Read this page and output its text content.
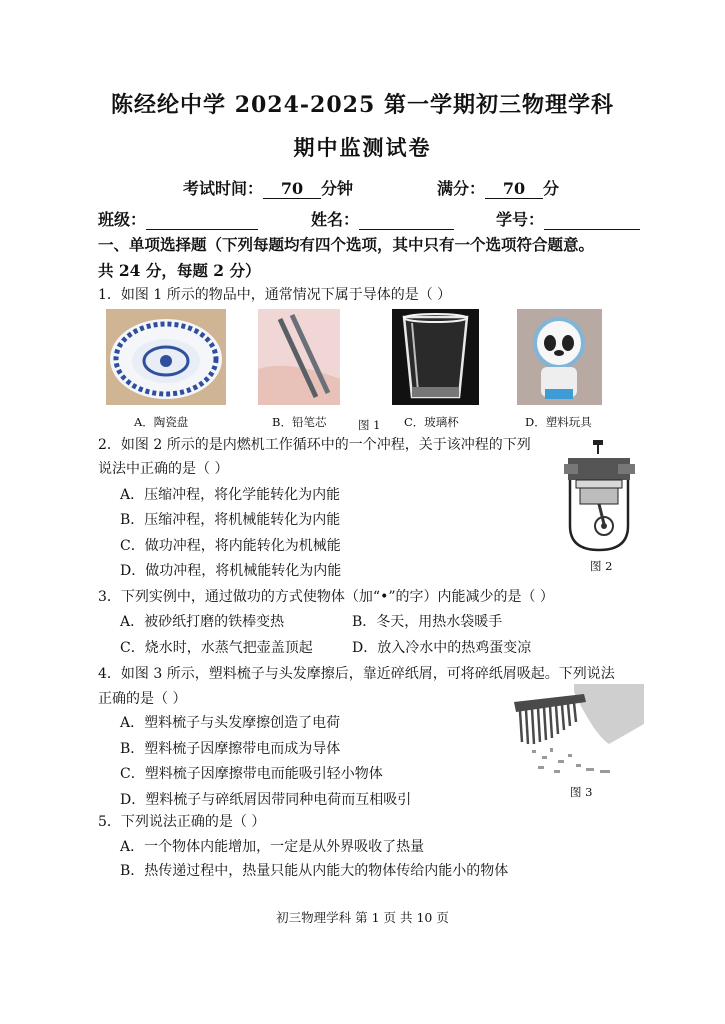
陈经纶中学 2024-2025 第一学期初三物理学科
期中监测试卷
考试时间： 70 分钟	满分： 70 分
班级：	姓名：	学号：
一、单项选择题（下列每题均有四个选项，其中只有一个选项符合题意。
共 24 分，每题 2 分）
1．如图 1 所示的物品中，通常情况下属于导体的是（ ）
A．陶瓷盘	B．铅笔芯	图 1 C．玻璃杯	D．塑料玩具
2．如图 2 所示的是内燃机工作循环中的一个冲程，关于该冲程的下列
说法中正确的是（ ）
A．压缩冲程，将化学能转化为内能
B．压缩冲程，将机械能转化为内能
C．做功冲程，将内能转化为机械能
D．做功冲程，将机械能转化为内能	图 2
3．下列实例中，通过做功的方式使物体（加“•”的字）内能减少的是（ ）
A．被砂纸打磨的铁棒变热	B．冬天，用热水袋暖手
C．烧水时，水蒸气把壶盖顶起	D．放入冷水中的热鸡蛋变凉
4．如图 3 所示，塑料梳子与头发摩擦后，靠近碎纸屑，可将碎纸屑吸起。下列说法
正确的是（ ）
A．塑料梳子与头发摩擦创造了电荷
B．塑料梳子因摩擦带电而成为导体
C．塑料梳子因摩擦带电而能吸引轻小物体
D．塑料梳子与碎纸屑因带同种电荷而互相吸引	图 3
5．下列说法正确的是（ ）
A．一个物体内能增加，一定是从外界吸收了热量
B．热传递过程中，热量只能从内能大的物体传给内能小的物体
初三物理学科 第 1 页 共 10 页
